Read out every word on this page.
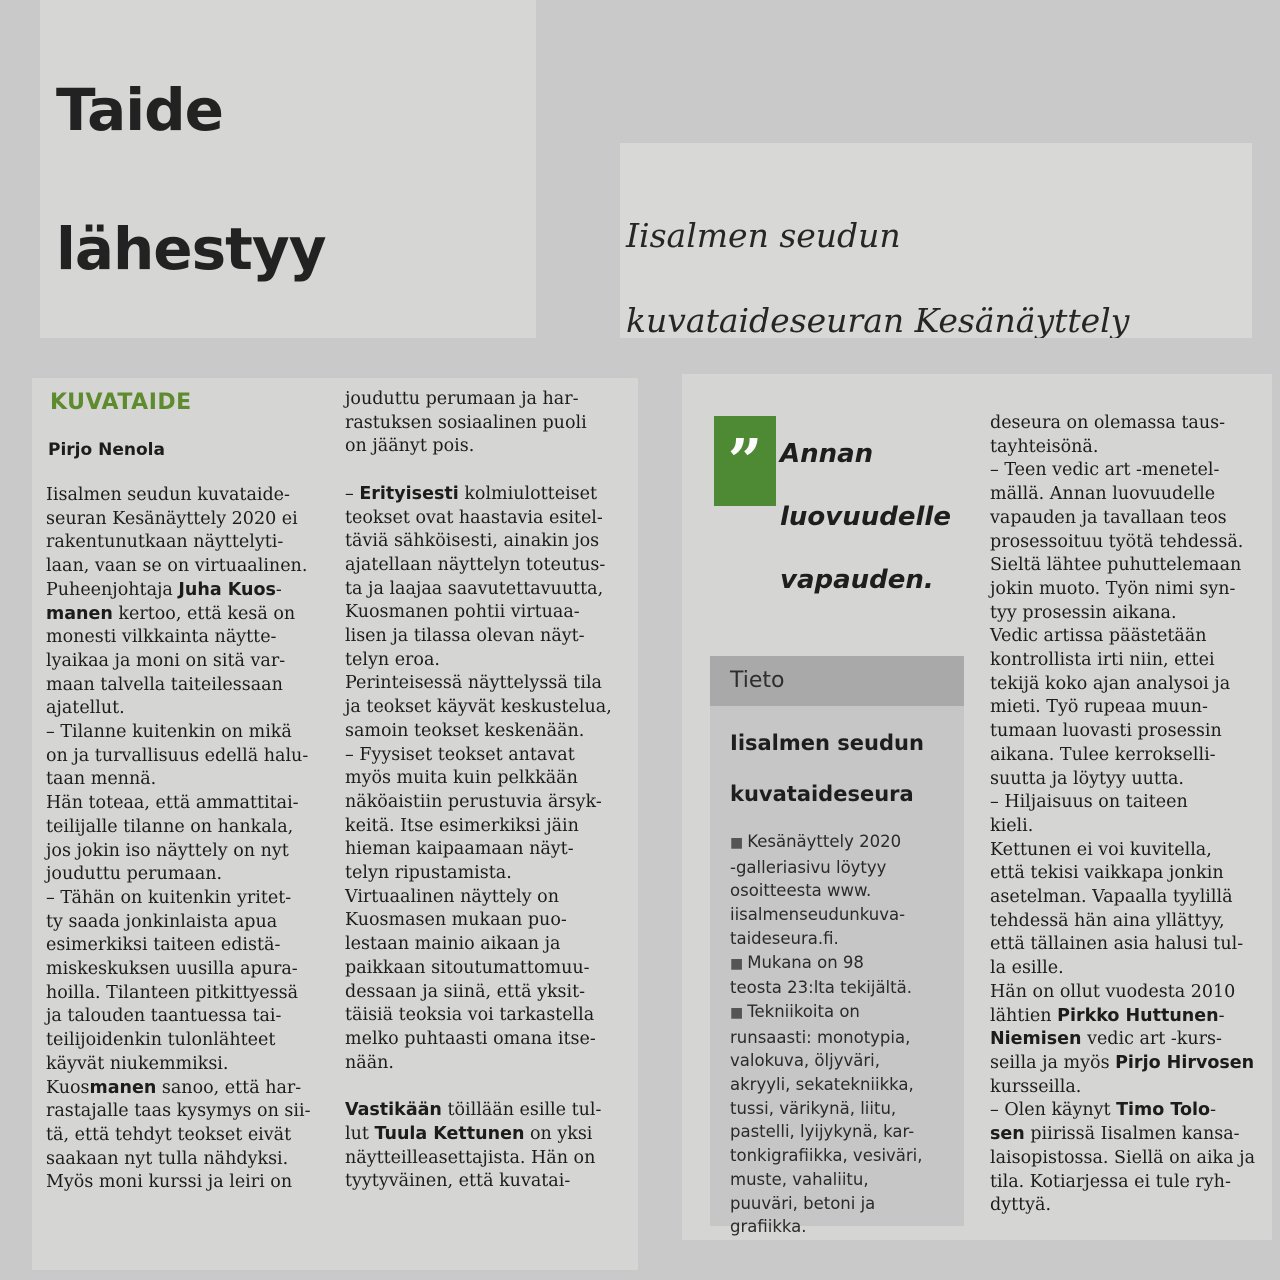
Taide

lähestyy	Iisalmen seudun

kuvataideseuran Kesänäyttely

KUVATAIDE

Pirjo Nenola

Iisalmen seudun kuvataide-

seuran Kesänäyttely 2020 ei

rakentunutkaan näyttelyti-

laan, vaan se on virtuaalinen.

Puheenjohtaja Juha Kuos-

manen kertoo, että kesä on

monesti vilkkainta näytte-

lyaikaa ja moni on sitä var-

maan talvella taiteilessaan

ajatellut.

– Tilanne kuitenkin on mikä

on ja turvallisuus edellä halu-

taan mennä.

Hän toteaa, että ammattitai-

teilijalle tilanne on hankala,

jos jokin iso näyttely on nyt

jouduttu perumaan.

– Tähän on kuitenkin yritet-

ty saada jonkinlaista apua

esimerkiksi taiteen edistä-

miskeskuksen uusilla apura-

hoilla. Tilanteen pitkittyessä

ja talouden taantuessa tai-

teilijoidenkin tulonlähteet

käyvät niukemmiksi.

Kuosmanen sanoo, että har-

rastajalle taas kysymys on sii-

tä, että tehdyt teokset eivät

saakaan nyt tulla nähdyksi.

Myös moni kurssi ja leiri on

jouduttu perumaan ja har-

rastuksen sosiaalinen puoli

on jäänyt pois.

– Erityisesti kolmiulotteiset

teokset ovat haastavia esitel-

täviä sähköisesti, ainakin jos

ajatellaan näyttelyn toteutus-

ta ja laajaa saavutettavuutta,

Kuosmanen pohtii virtuaa-

lisen ja tilassa olevan näyt-

telyn eroa.

Perinteisessä näyttelyssä tila

ja teokset käyvät keskustelua,

samoin teokset keskenään.

– Fyysiset teokset antavat

myös muita kuin pelkkään

näköaistiin perustuvia ärsyk-

keitä. Itse esimerkiksi jäin

hieman kaipaamaan näyt-

telyn ripustamista.

Virtuaalinen näyttely on

Kuosmasen mukaan puo-

lestaan mainio aikaan ja

paikkaan sitoutumattomuu-

dessaan ja siinä, että yksit-

täisiä teoksia voi tarkastella

melko puhtaasti omana itse-

nään.

Vastikään töillään esille tul-

lut Tuula Kettunen on yksi

näytteilleasettajista. Hän on

tyytyväinen, että kuvatai-

” Annan

luovuudelle

vapauden.

Tieto

Iisalmen seudun

kuvataideseura

■ Kesänäyttely 2020
-galleriasivu löytyy
osoitteesta www.
iisalmenseudunkuva-
taideseura.fi.
■ Mukana on 98
teosta 23:lta tekijältä.
■ Tekniikoita on
runsaasti: monotypia,
valokuva, öljyväri,
akryyli, sekatekniikka,
tussi, värikynä, liitu,
pastelli, lyijykynä, kar-
tonkigrafiikka, vesiväri,
muste, vahaliitu,
puuväri, betoni ja
grafiikka.

deseura on olemassa taus-

tayhteisönä.

– Teen vedic art -menetel-

mällä. Annan luovuudelle

vapauden ja tavallaan teos

prosessoituu työtä tehdessä.

Sieltä lähtee puhuttelemaan

jokin muoto. Työn nimi syn-

tyy prosessin aikana.

Vedic artissa päästetään

kontrollista irti niin, ettei

tekijä koko ajan analysoi ja

mieti. Työ rupeaa muun-

tumaan luovasti prosessin

aikana. Tulee kerrokselli-

suutta ja löytyy uutta.

– Hiljaisuus on taiteen

kieli.

Kettunen ei voi kuvitella,

että tekisi vaikkapa jonkin

asetelman. Vapaalla tyylillä

tehdessä hän aina yllättyy,

että tällainen asia halusi tul-

la esille.

Hän on ollut vuodesta 2010

lähtien Pirkko Huttunen-

Niemisen vedic art -kurs-

seilla ja myös Pirjo Hirvosen

kursseilla.

– Olen käynyt Timo Tolo-

sen piirissä Iisalmen kansa-

laisopistossa. Siellä on aika ja

tila. Kotiarjessa ei tule ryh-

dyttyä.
